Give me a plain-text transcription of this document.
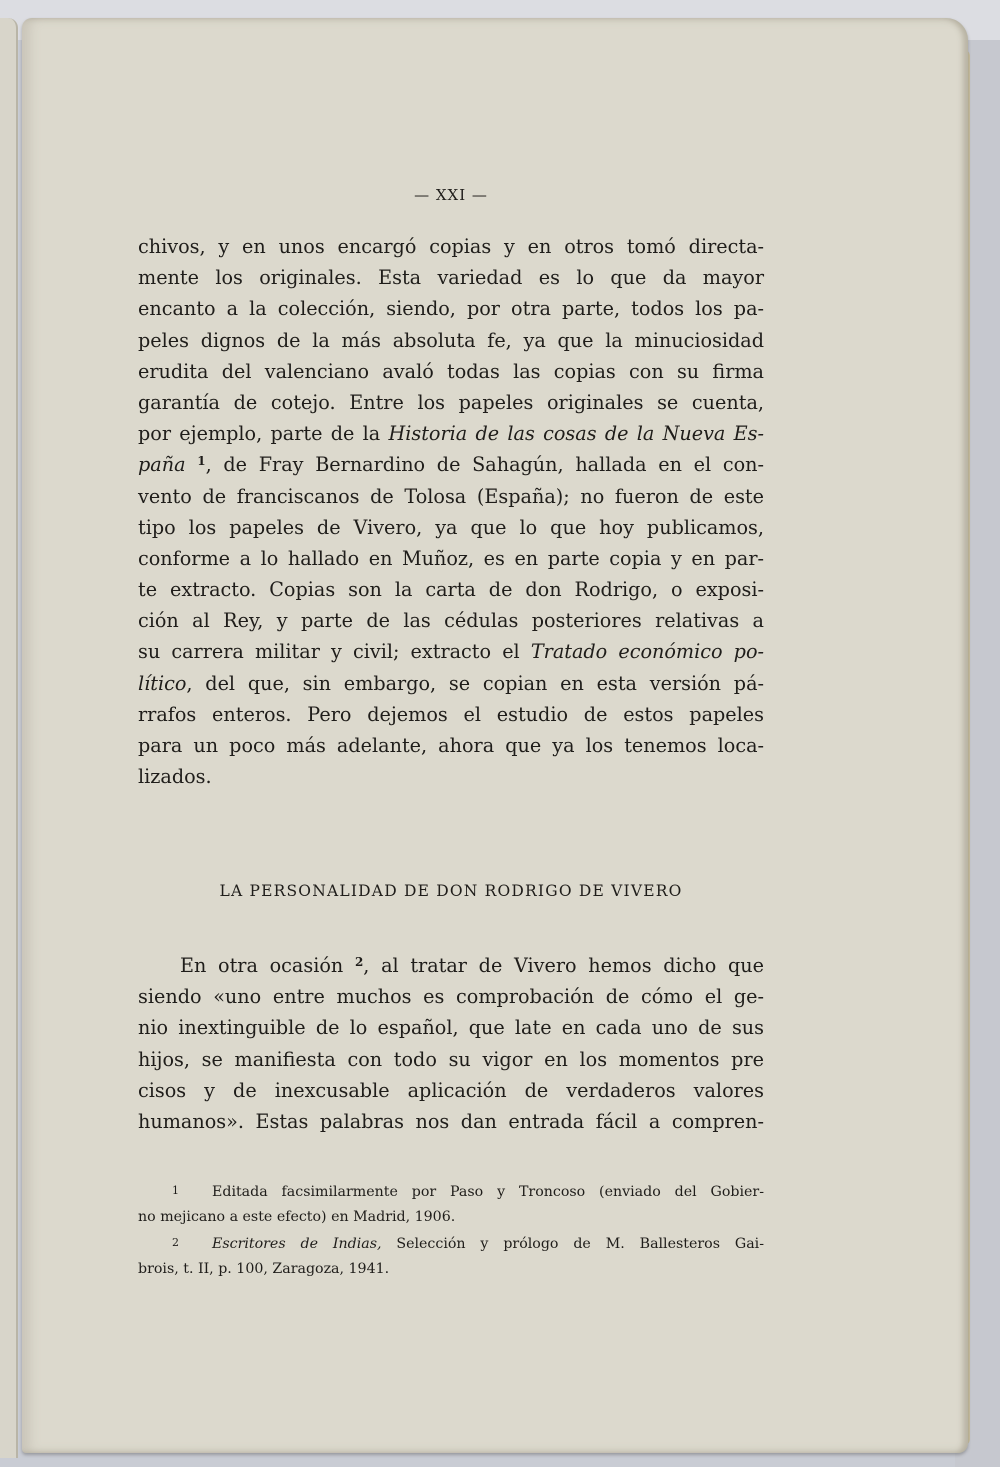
— XXI —
chivos, y en unos encargó copias y en otros tomó directa-
mente los originales. Esta variedad es lo que da mayor
encanto a la colección, siendo, por otra parte, todos los pa-
peles dignos de la más absoluta fe, ya que la minuciosidad
erudita del valenciano avaló todas las copias con su firma
garantía de cotejo. Entre los papeles originales se cuenta,
por ejemplo, parte de la Historia de las cosas de la Nueva Es-
paña $^1$, de Fray Bernardino de Sahagún, hallada en el con-
vento de franciscanos de Tolosa (España); no fueron de este
tipo los papeles de Vivero, ya que lo que hoy publicamos,
conforme a lo hallado en Muñoz, es en parte copia y en par-
te extracto. Copias son la carta de don Rodrigo, o exposi-
ción al Rey, y parte de las cédulas posteriores relativas a
su carrera militar y civil; extracto el Tratado económico po-
lítico, del que, sin embargo, se copian en esta versión pá-
rrafos enteros. Pero dejemos el estudio de estos papeles
para un poco más adelante, ahora que ya los tenemos loca-
lizados.
LA PERSONALIDAD DE DON RODRIGO DE VIVERO
En otra ocasión $^2$, al tratar de Vivero hemos dicho que
siendo «uno entre muchos es comprobación de cómo el ge-
nio inextinguible de lo español, que late en cada uno de sus
hijos, se manifiesta con todo su vigor en los momentos pre
cisos y de inexcusable aplicación de verdaderos valores
humanos». Estas palabras nos dan entrada fácil a compren-
1 Editada facsimilarmente por Paso y Troncoso (enviado del Gobier-
no mejicano a este efecto) en Madrid, 1906.
2 Escritores de Indias, Selección y prólogo de M. Ballesteros Gai-
brois, t. II, p. 100, Zaragoza, 1941.
